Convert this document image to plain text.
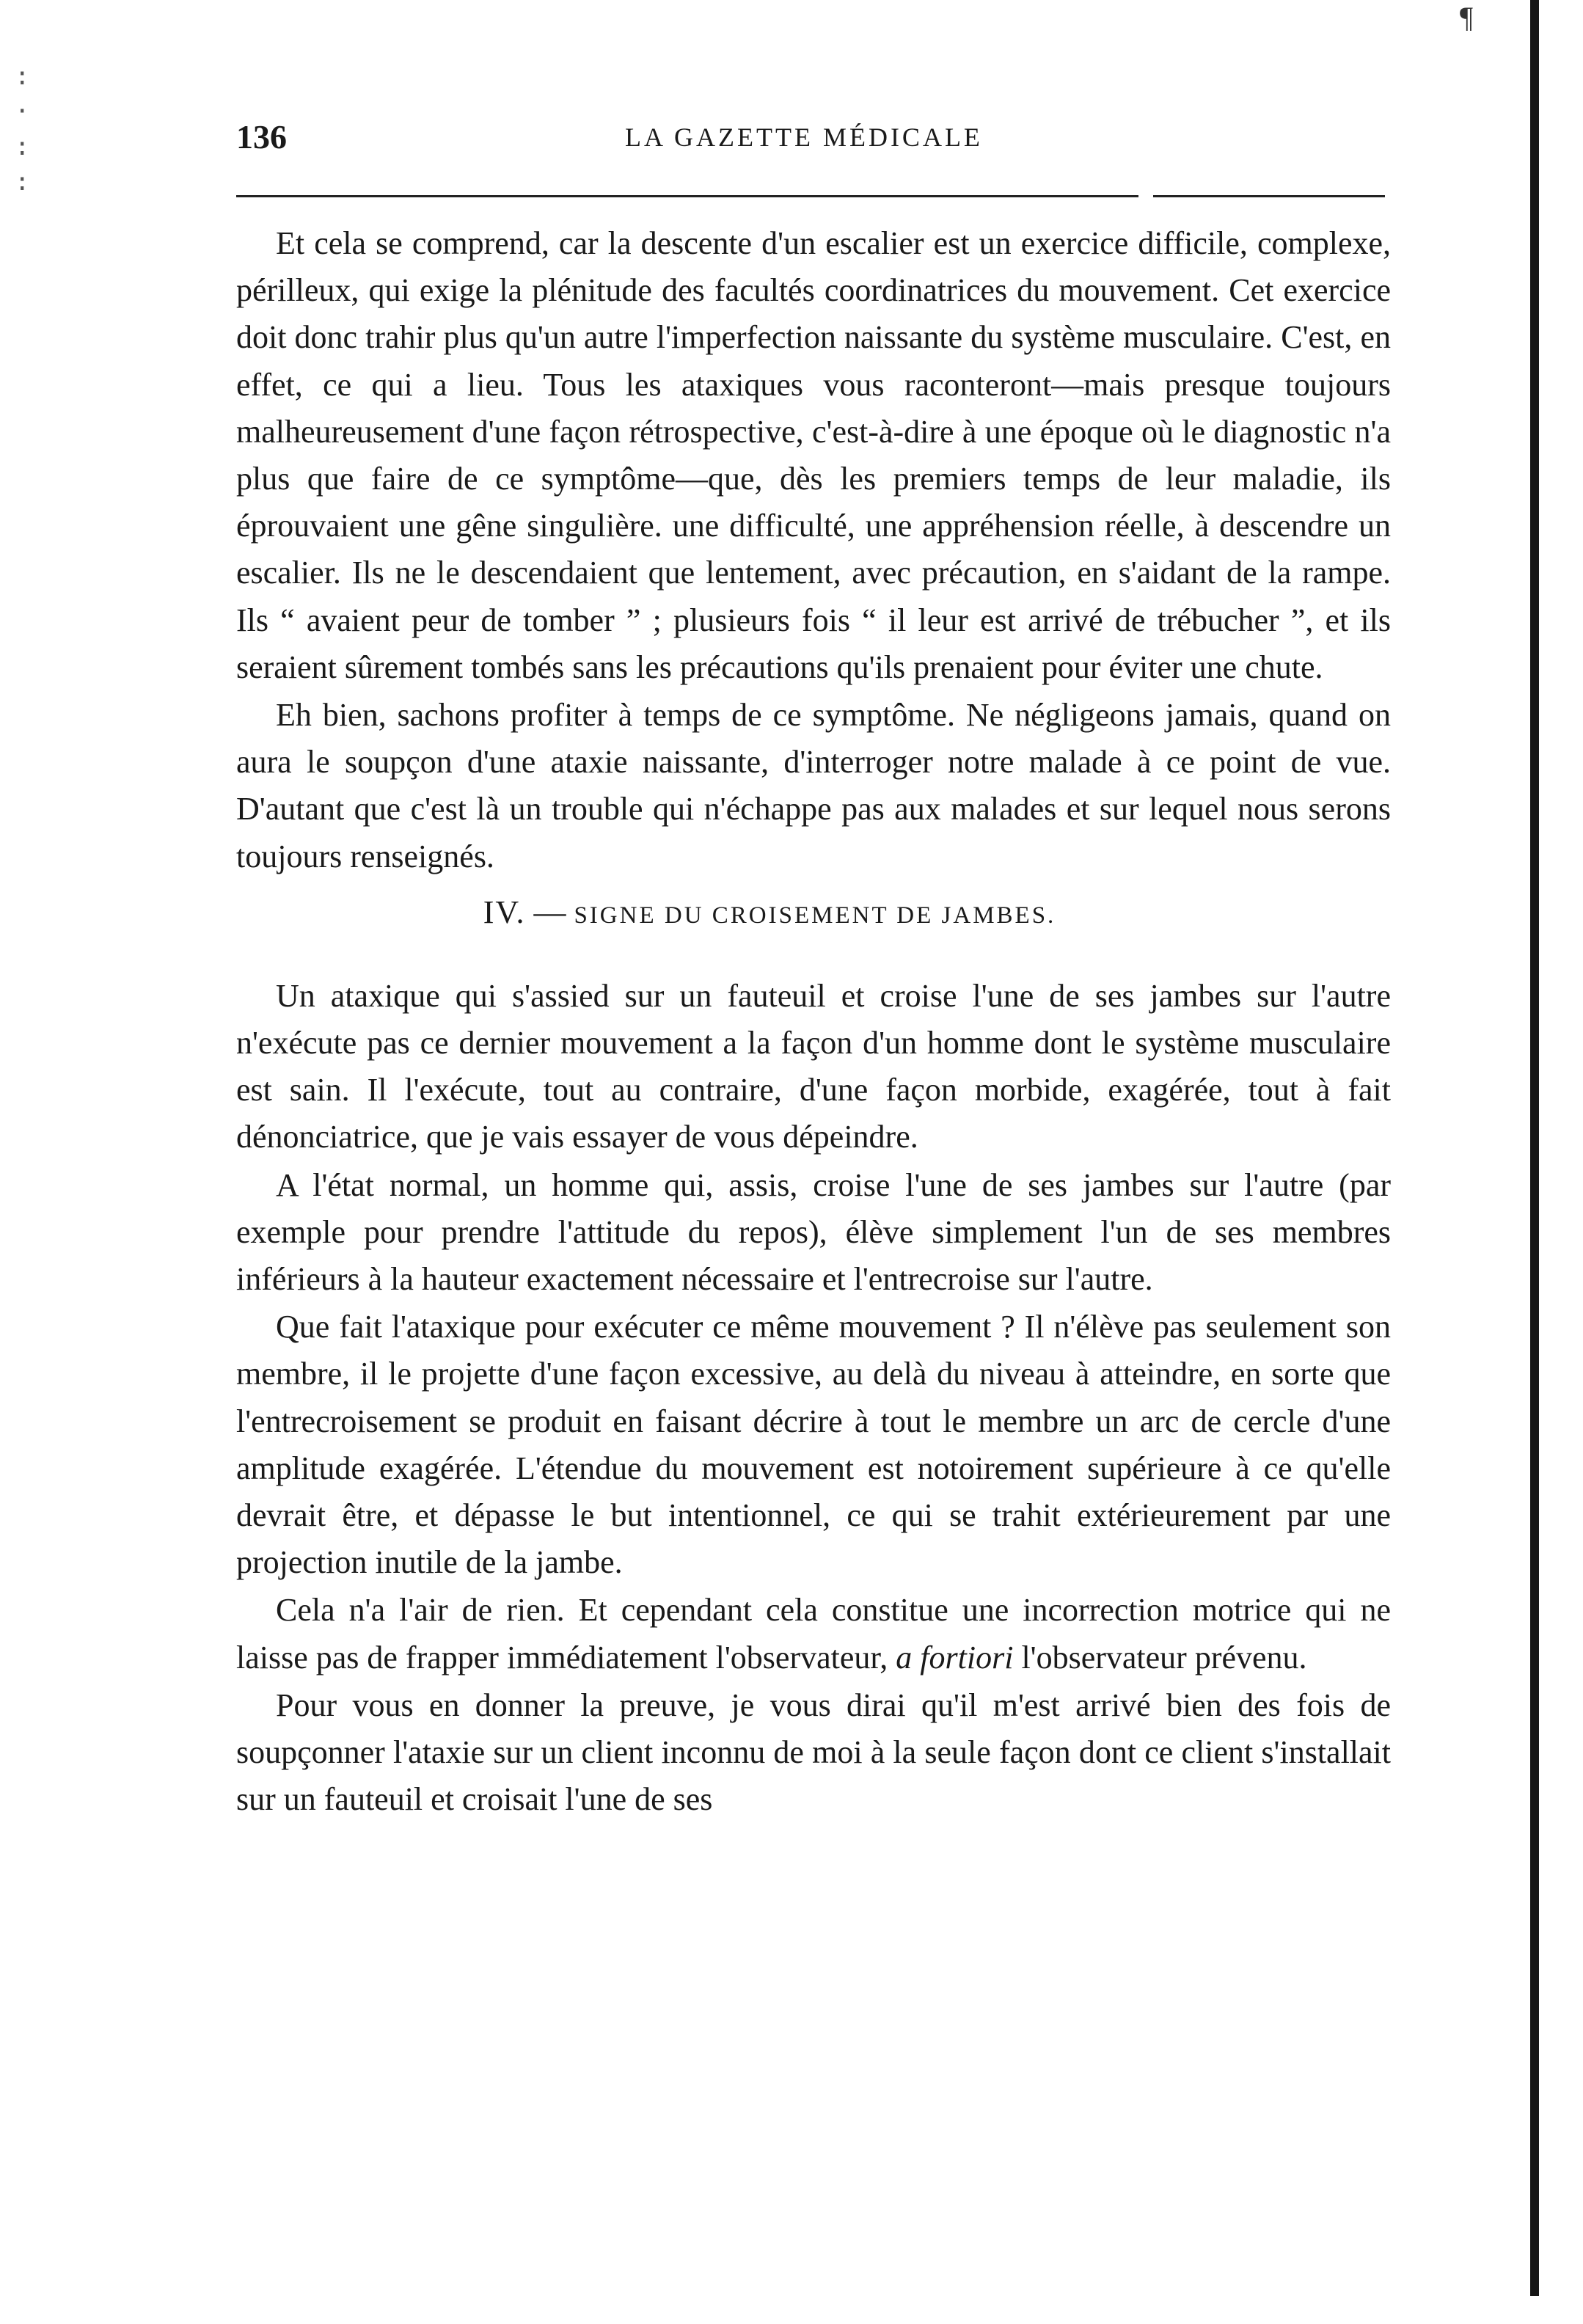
¶
:
·
:
:
136	LA GAZETTE MÉDICALE

Et cela se comprend, car la descente d'un escalier est un exercice difficile, complexe, périlleux, qui exige la plénitude des facultés coordinatrices du mouvement. Cet exercice doit donc trahir plus qu'un autre l'imperfection naissante du système musculaire. C'est, en effet, ce qui a lieu. Tous les ataxiques vous raconteront—mais presque toujours malheureusement d'une façon rétrospective, c'est-à-dire à une époque où le diagnostic n'a plus que faire de ce symptôme—que, dès les premiers temps de leur maladie, ils éprouvaient une gêne singulière. une difficulté, une appréhension réelle, à descendre un escalier. Ils ne le descendaient que lentement, avec précaution, en s'aidant de la rampe. Ils “ avaient peur de tomber ” ; plusieurs fois “ il leur est arrivé de trébucher ”, et ils seraient sûrement tombés sans les précautions qu'ils prenaient pour éviter une chute.

Eh bien, sachons profiter à temps de ce symptôme. Ne négligeons jamais, quand on aura le soupçon d'une ataxie naissante, d'interroger notre malade à ce point de vue. D'autant que c'est là un trouble qui n'échappe pas aux malades et sur lequel nous serons toujours renseignés.

IV. — SIGNE DU CROISEMENT DE JAMBES.

Un ataxique qui s'assied sur un fauteuil et croise l'une de ses jambes sur l'autre n'exécute pas ce dernier mouvement a la façon d'un homme dont le système musculaire est sain. Il l'exécute, tout au contraire, d'une façon morbide, exagérée, tout à fait dénonciatrice, que je vais essayer de vous dépeindre.

A l'état normal, un homme qui, assis, croise l'une de ses jambes sur l'autre (par exemple pour prendre l'attitude du repos), élève simplement l'un de ses membres inférieurs à la hauteur exactement nécessaire et l'entrecroise sur l'autre.

Que fait l'ataxique pour exécuter ce même mouvement ? Il n'élève pas seulement son membre, il le projette d'une façon excessive, au delà du niveau à atteindre, en sorte que l'entrecroisement se produit en faisant décrire à tout le membre un arc de cercle d'une amplitude exagérée. L'étendue du mouvement est notoirement supérieure à ce qu'elle devrait être, et dépasse le but intentionnel, ce qui se trahit extérieurement par une projection inutile de la jambe.

Cela n'a l'air de rien. Et cependant cela constitue une incorrection motrice qui ne laisse pas de frapper immédiatement l'observateur, a fortiori l'observateur prévenu.

Pour vous en donner la preuve, je vous dirai qu'il m'est arrivé bien des fois de soupçonner l'ataxie sur un client inconnu de moi à la seule façon dont ce client s'installait sur un fauteuil et croisait l'une de ses
